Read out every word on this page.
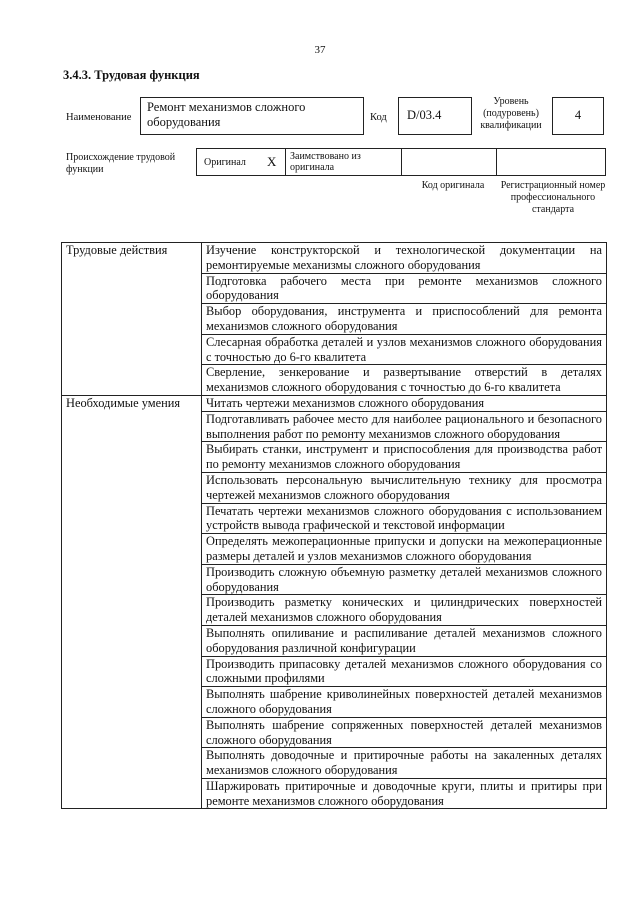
37
3.4.3. Трудовая функция
Наименование
Ремонт механизмов сложного оборудования	Код	D/03.4
Уровень (подуровень) квалификации
4
Происхождение трудовой функции
Оригинал X	Заимствовано из оригинала
Код оригинала	Регистрационный номер профессионального стандарта
Трудовые действия	Изучение конструкторской и технологической документации на ремонтируемые механизмы сложного оборудования
	Подготовка рабочего места при ремонте механизмов сложного оборудования
	Выбор оборудования, инструмента и приспособлений для ремонта механизмов сложного оборудования
	Слесарная обработка деталей и узлов механизмов сложного оборудования с точностью до 6-го квалитета
	Сверление, зенкерование и развертывание отверстий в деталях механизмов сложного оборудования с точностью до 6-го квалитета
Необходимые умения	Читать чертежи механизмов сложного оборудования
	Подготавливать рабочее место для наиболее рационального и безопасного выполнения работ по ремонту механизмов сложного оборудования
	Выбирать станки, инструмент и приспособления для производства работ по ремонту механизмов сложного оборудования
	Использовать персональную вычислительную технику для просмотра чертежей механизмов сложного оборудования
	Печатать чертежи механизмов сложного оборудования с использованием устройств вывода графической и текстовой информации
	Определять межоперационные припуски и допуски на межоперационные размеры деталей и узлов механизмов сложного оборудования
	Производить сложную объемную разметку деталей механизмов сложного оборудования
	Производить разметку конических и цилиндрических поверхностей деталей механизмов сложного оборудования
	Выполнять опиливание и распиливание деталей механизмов сложного оборудования различной конфигурации
	Производить припасовку деталей механизмов сложного оборудования со сложными профилями
	Выполнять шабрение криволинейных поверхностей деталей механизмов сложного оборудования
	Выполнять шабрение сопряженных поверхностей деталей механизмов сложного оборудования
	Выполнять доводочные и притирочные работы на закаленных деталях механизмов сложного оборудования
	Шаржировать притирочные и доводочные круги, плиты и притиры при ремонте механизмов сложного оборудования
